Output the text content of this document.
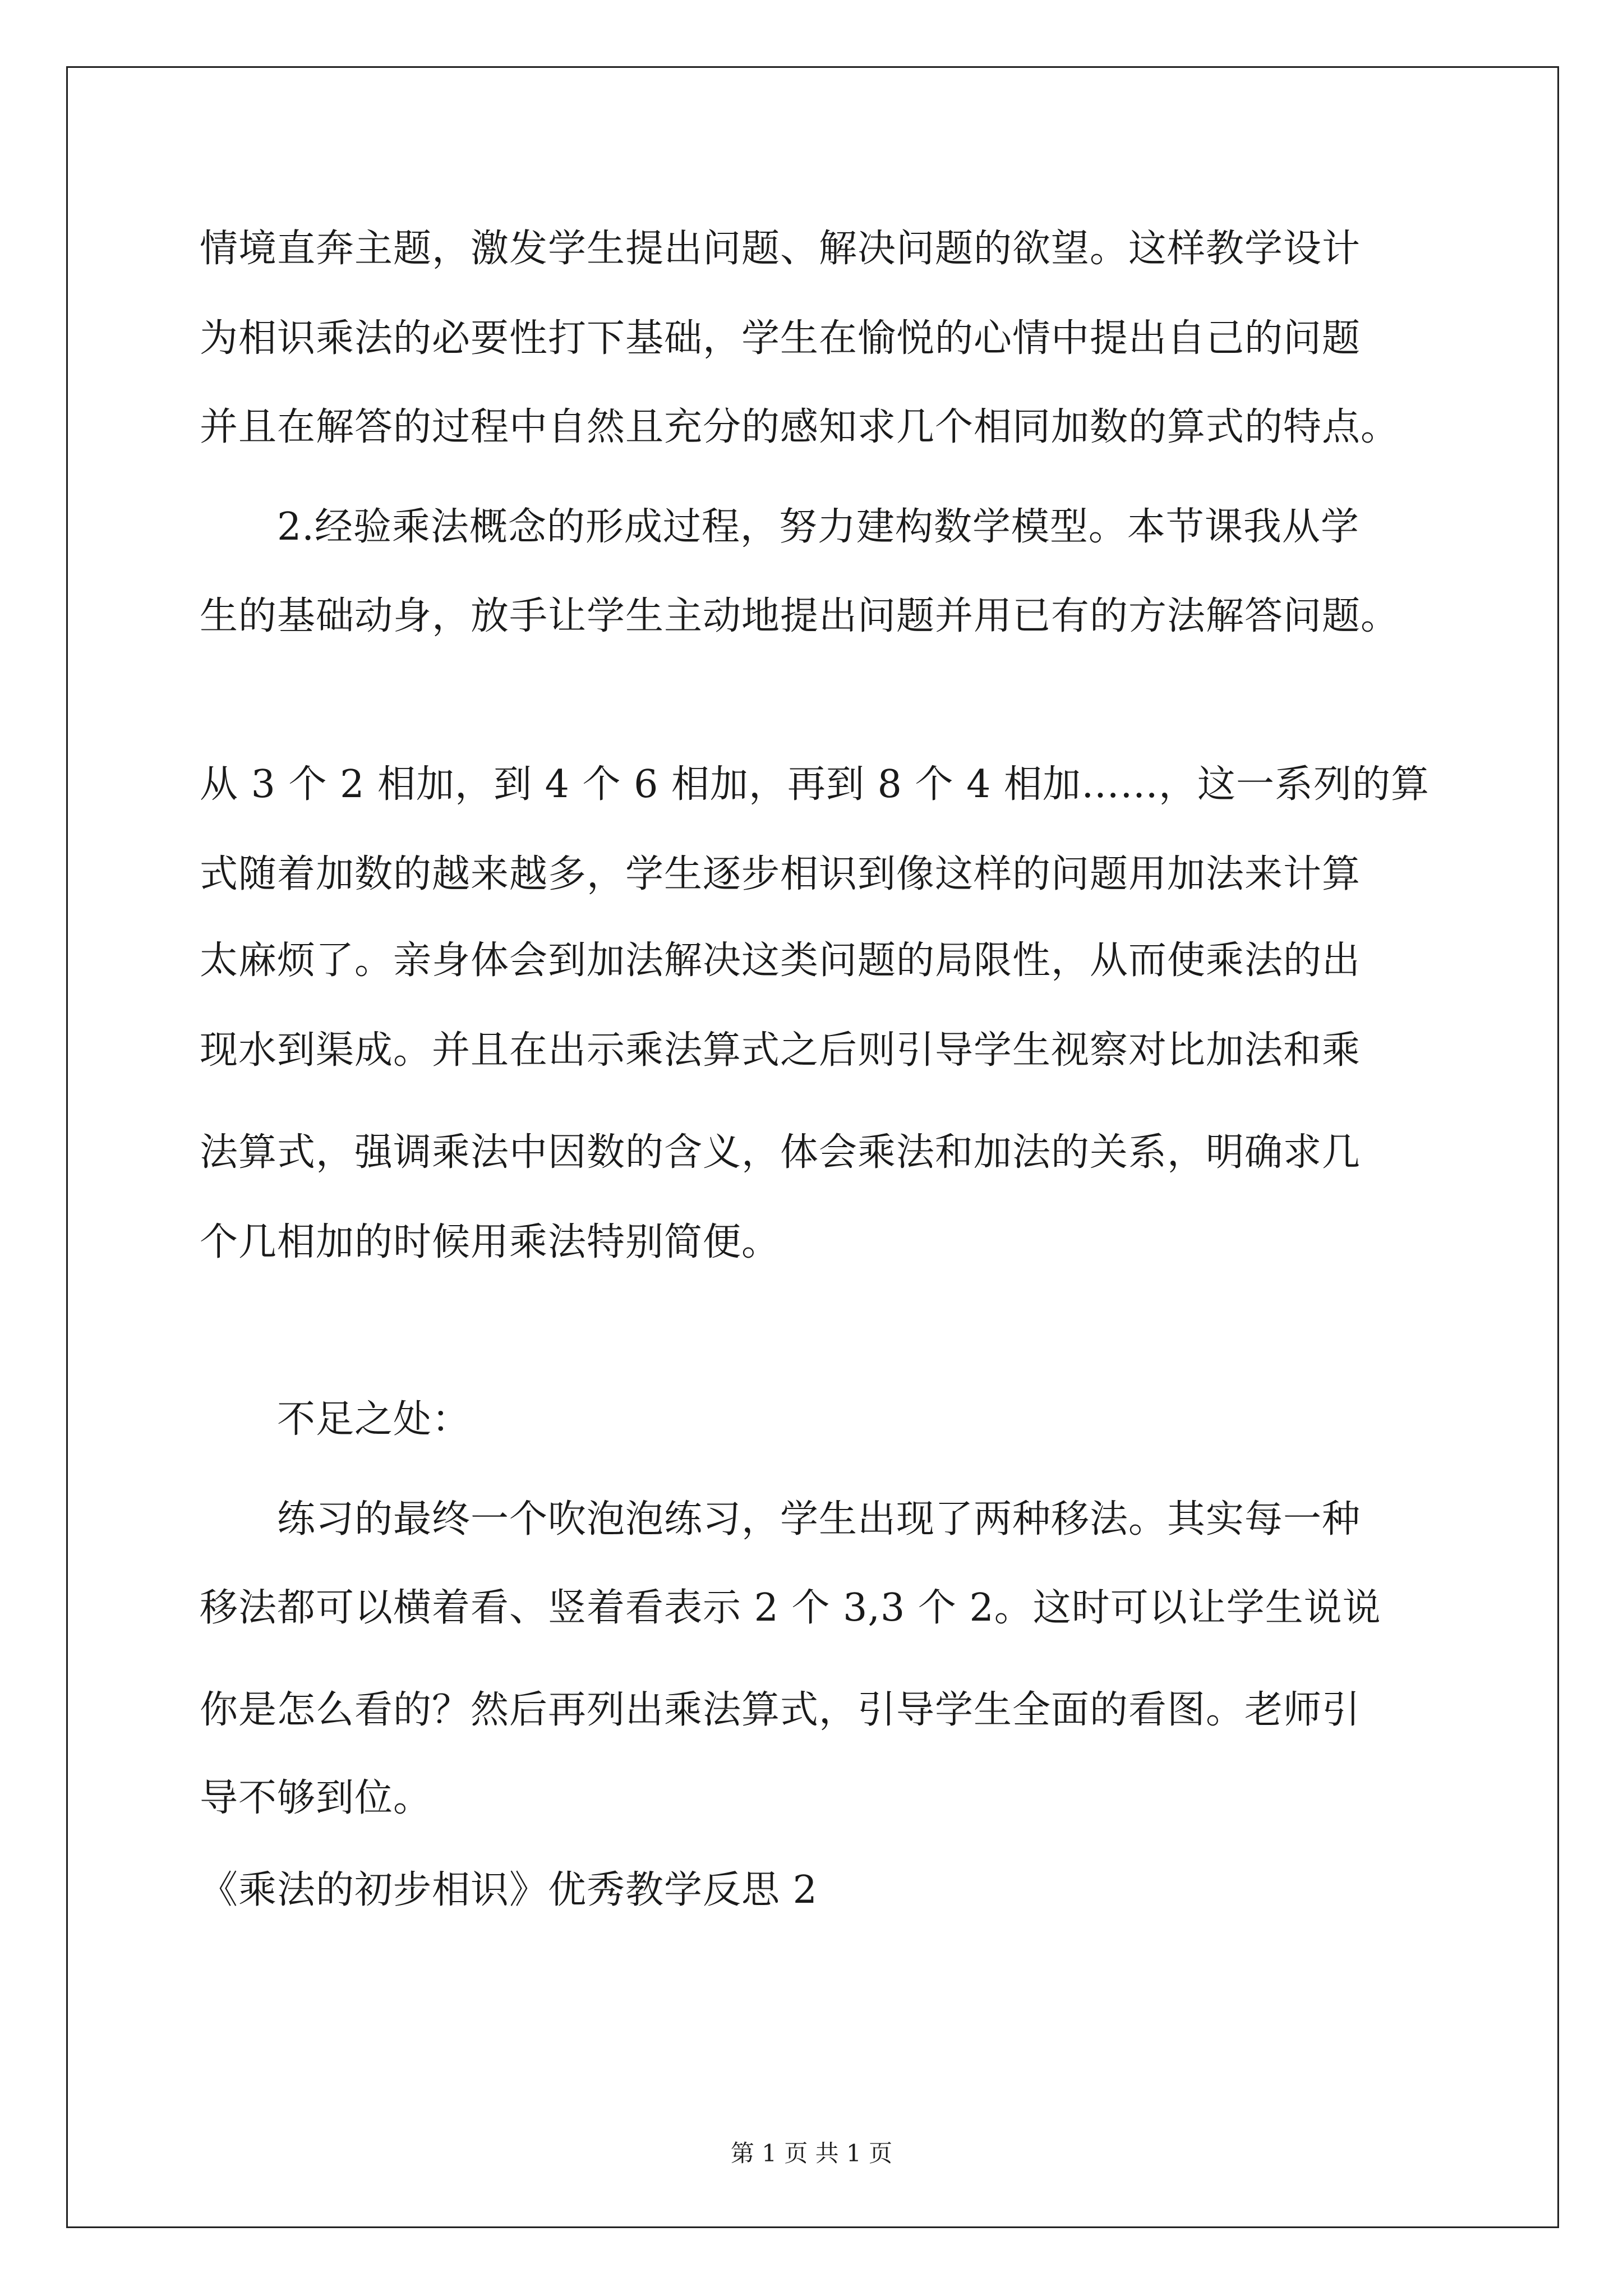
情境直奔主题，激发学生提出问题、解决问题的欲望。这样教学设计
为相识乘法的必要性打下基础，学生在愉悦的心情中提出自己的问题
并且在解答的过程中自然且充分的感知求几个相同加数的算式的特点。
2.经验乘法概念的形成过程，努力建构数学模型。本节课我从学
生的基础动身，放手让学生主动地提出问题并用已有的方法解答问题。
从 3 个 2 相加，到 4 个 6 相加，再到 8 个 4 相加……，这一系列的算
式随着加数的越来越多，学生逐步相识到像这样的问题用加法来计算
太麻烦了。亲身体会到加法解决这类问题的局限性，从而使乘法的出
现水到渠成。并且在出示乘法算式之后则引导学生视察对比加法和乘
法算式，强调乘法中因数的含义，体会乘法和加法的关系，明确求几
个几相加的时候用乘法特别简便。
不足之处：
练习的最终一个吹泡泡练习，学生出现了两种移法。其实每一种
移法都可以横着看、竖着看表示 2 个 3,3 个 2。这时可以让学生说说
你是怎么看的？然后再列出乘法算式，引导学生全面的看图。老师引
导不够到位。
《乘法的初步相识》优秀教学反思 2
第 1 页 共 1 页
